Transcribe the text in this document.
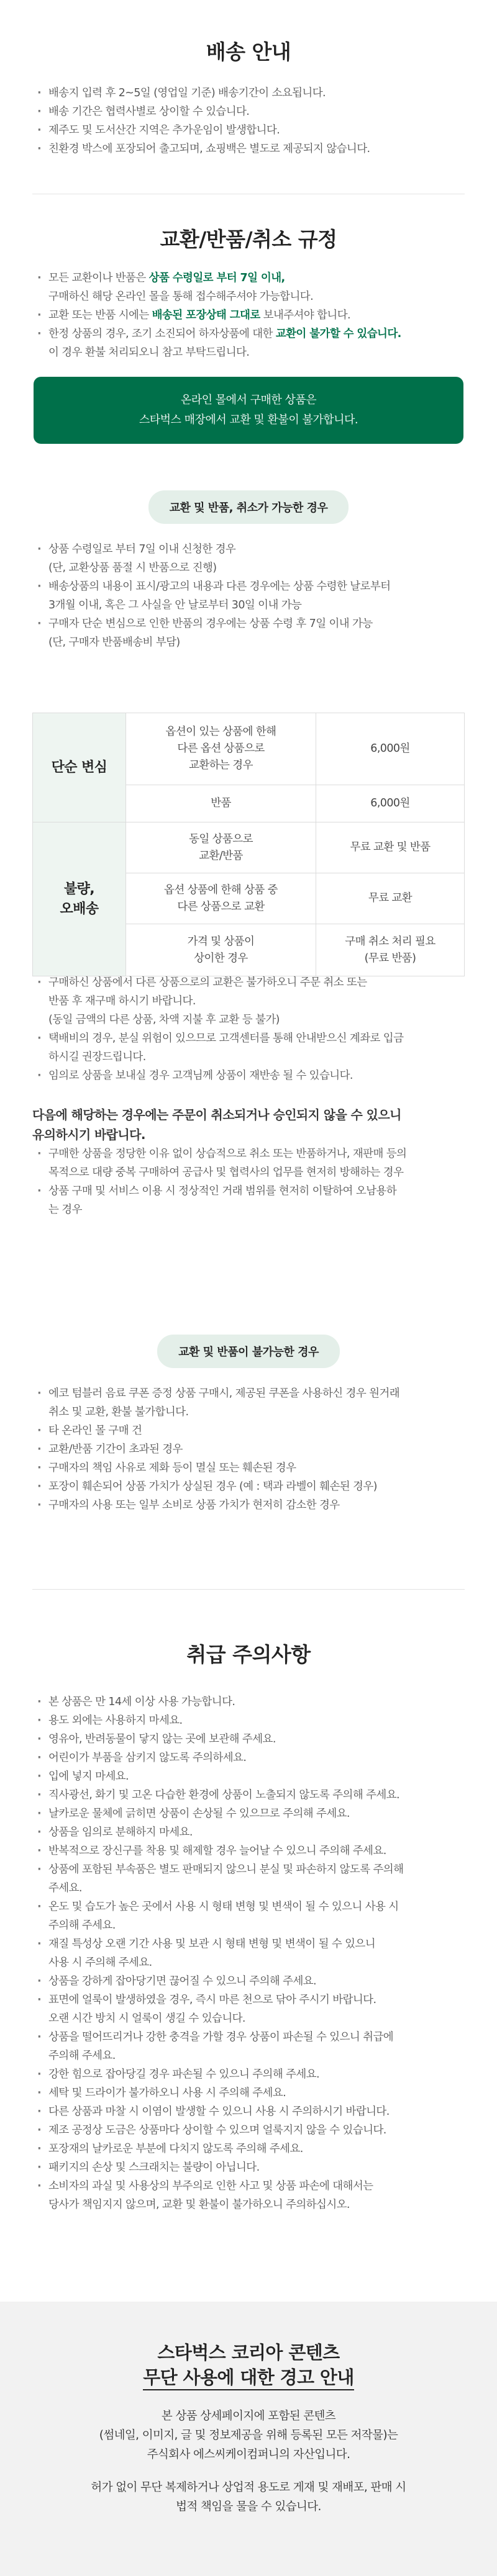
배송 안내
· 배송지 입력 후 2~5일 (영업일 기준) 배송기간이 소요됩니다.
· 배송 기간은 협력사별로 상이할 수 있습니다.
· 제주도 및 도서산간 지역은 추가운임이 발생합니다.
· 친환경 박스에 포장되어 출고되며, 쇼핑백은 별도로 제공되지 않습니다.
교환/반품/취소 규정
· 모든 교환이나 반품은 상품 수령일로 부터 7일 이내,
구매하신 해당 온라인 몰을 통해 접수해주셔야 가능합니다.
· 교환 또는 반품 시에는 배송된 포장상태 그대로 보내주셔야 합니다.
· 한정 상품의 경우, 조기 소진되어 하자상품에 대한 교환이 불가할 수 있습니다.
이 경우 환불 처리되오니 참고 부탁드립니다.
온라인 몰에서 구매한 상품은
스타벅스 매장에서 교환 및 환불이 불가합니다.
교환 및 반품, 취소가 가능한 경우
· 상품 수령일로 부터 7일 이내 신청한 경우
(단, 교환상품 품절 시 반품으로 진행)
· 배송상품의 내용이 표시/광고의 내용과 다른 경우에는 상품 수령한 날로부터
3개월 이내, 혹은 그 사실을 안 날로부터 30일 이내 가능
· 구매자 단순 변심으로 인한 반품의 경우에는 상품 수령 후 7일 이내 가능
(단, 구매자 반품배송비 부담)
단순 변심	옵션이 있는 상품에 한해
다른 옵션 상품으로
교환하는 경우	6,000원
	반품	6,000원
불량,
오배송	동일 상품으로
교환/반품	무료 교환 및 반품
	옵션 상품에 한해 상품 중
다른 상품으로 교환	무료 교환
	가격 및 상품이
상이한 경우	구매 취소 처리 필요
(무료 반품)
· 구매하신 상품에서 다른 상품으로의 교환은 불가하오니 주문 취소 또는
반품 후 재구매 하시기 바랍니다.
(동일 금액의 다른 상품, 차액 지불 후 교환 등 불가)
· 택배비의 경우, 분실 위험이 있으므로 고객센터를 통해 안내받으신 계좌로 입금
하시길 권장드립니다.
· 임의로 상품을 보내실 경우 고객님께 상품이 재반송 될 수 있습니다.
다음에 해당하는 경우에는 주문이 취소되거나 승인되지 않을 수 있으니
유의하시기 바랍니다.
· 구매한 상품을 정당한 이유 없이 상습적으로 취소 또는 반품하거나, 재판매 등의
목적으로 대량 중복 구매하여 공급사 및 협력사의 업무를 현저히 방해하는 경우
· 상품 구매 및 서비스 이용 시 정상적인 거래 범위를 현저히 이탈하여 오남용하
는 경우
교환 및 반품이 불가능한 경우
· 에코 텀블러 음료 쿠폰 증정 상품 구매시, 제공된 쿠폰을 사용하신 경우 원거래
취소 및 교환, 환불 불가합니다.
· 타 온라인 몰 구매 건
· 교환/반품 기간이 초과된 경우
· 구매자의 책임 사유로 제화 등이 멸실 또는 훼손된 경우
· 포장이 훼손되어 상품 가치가 상실된 경우 (예 : 택과 라벨이 훼손된 경우)
· 구매자의 사용 또는 일부 소비로 상품 가치가 현저히 감소한 경우
취급 주의사항
· 본 상품은 만 14세 이상 사용 가능합니다.
· 용도 외에는 사용하지 마세요.
· 영유아, 반려동물이 닿지 않는 곳에 보관해 주세요.
· 어린이가 부품을 삼키지 않도록 주의하세요.
· 입에 넣지 마세요.
· 직사광선, 화기 및 고온 다습한 환경에 상품이 노출되지 않도록 주의해 주세요.
· 날카로운 물체에 긁히면 상품이 손상될 수 있으므로 주의해 주세요.
· 상품을 임의로 분해하지 마세요.
· 반복적으로 장신구를 착용 및 해제할 경우 늘어날 수 있으니 주의해 주세요.
· 상품에 포함된 부속품은 별도 판매되지 않으니 분실 및 파손하지 않도록 주의해
주세요.
· 온도 및 습도가 높은 곳에서 사용 시 형태 변형 및 변색이 될 수 있으니 사용 시
주의해 주세요.
· 재질 특성상 오랜 기간 사용 및 보관 시 형태 변형 및 변색이 될 수 있으니
사용 시 주의해 주세요.
· 상품을 강하게 잡아당기면 끊어질 수 있으니 주의해 주세요.
· 표면에 얼룩이 발생하였을 경우, 즉시 마른 천으로 닦아 주시기 바랍니다.
오랜 시간 방치 시 얼룩이 생길 수 있습니다.
· 상품을 떨어뜨리거나 강한 충격을 가할 경우 상품이 파손될 수 있으니 취급에
주의해 주세요.
· 강한 힘으로 잡아당길 경우 파손될 수 있으니 주의해 주세요.
· 세탁 및 드라이가 불가하오니 사용 시 주의해 주세요.
· 다른 상품과 마찰 시 이염이 발생할 수 있으니 사용 시 주의하시기 바랍니다.
· 제조 공정상 도금은 상품마다 상이할 수 있으며 얼룩지지 않을 수 있습니다.
· 포장재의 날카로운 부분에 다치지 않도록 주의해 주세요.
· 패키지의 손상 및 스크래치는 불량이 아닙니다.
· 소비자의 과실 및 사용상의 부주의로 인한 사고 및 상품 파손에 대해서는
당사가 책임지지 않으며, 교환 및 환불이 불가하오니 주의하십시오.
스타벅스 코리아 콘텐츠
무단 사용에 대한 경고 안내

본 상품 상세페이지에 포함된 콘텐츠
(썸네일, 이미지, 글 및 정보제공을 위해 등록된 모든 저작물)는
주식회사 에스씨케이컴퍼니의 자산입니다.

허가 없이 무단 복제하거나 상업적 용도로 게재 및 재배포, 판매 시
법적 책임을 물을 수 있습니다.
